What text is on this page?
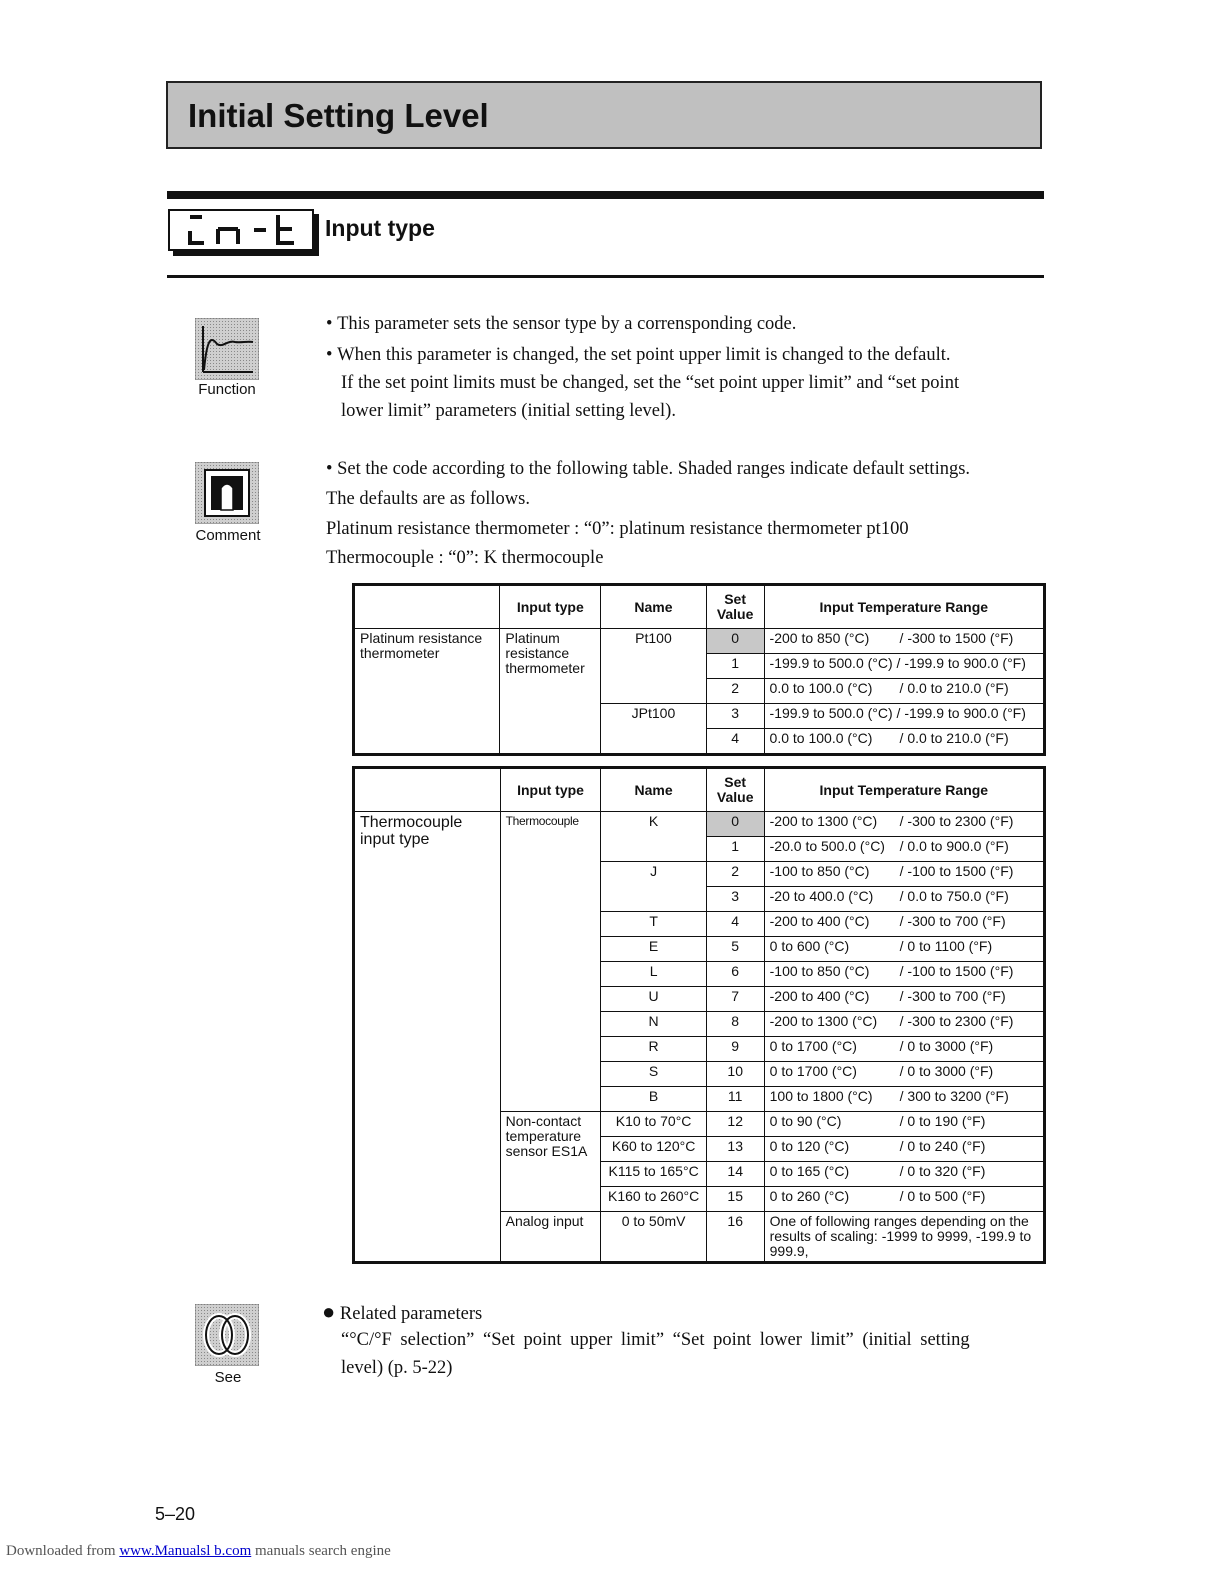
Initial Setting Level
Input type
Function
• This parameter sets the sensor type by a corrensponding code.
• When this parameter is changed, the set point upper limit is changed to the default.
If the set point limits must be changed, set the “set point upper limit” and “set point
lower limit” parameters (initial setting level).
Comment
• Set the code according to the following table. Shaded ranges indicate default settings.
The defaults are as follows.
Platinum resistance thermometer : “0”: platinum resistance thermometer pt100
Thermocouple : “0”: K thermocouple
	Input type	Name	Set Value	Input Temperature Range
Platinum resistance thermometer	Platinum resistance thermometer	Pt100	0	-200 to 850 (°C) / -300 to 1500 (°F)
			1	-199.9 to 500.0 (°C) / -199.9 to 900.0 (°F)
			2	0.0 to 100.0 (°C) / 0.0 to 210.0 (°F)
		JPt100	3	-199.9 to 500.0 (°C) / -199.9 to 900.0 (°F)
			4	0.0 to 100.0 (°C) / 0.0 to 210.0 (°F)
	Input type	Name	Set Value	Input Temperature Range
Thermocouple input type	Thermocouple	K	0	-200 to 1300 (°C) / -300 to 2300 (°F)
			1	-20.0 to 500.0 (°C) / 0.0 to 900.0 (°F)
		J	2	-100 to 850 (°C) / -100 to 1500 (°F)
			3	-20 to 400.0 (°C) / 0.0 to 750.0 (°F)
		T	4	-200 to 400 (°C) / -300 to 700 (°F)
		E	5	0 to 600 (°C) / 0 to 1100 (°F)
		L	6	-100 to 850 (°C) / -100 to 1500 (°F)
		U	7	-200 to 400 (°C) / -300 to 700 (°F)
		N	8	-200 to 1300 (°C) / -300 to 2300 (°F)
		R	9	0 to 1700 (°C) / 0 to 3000 (°F)
		S	10	0 to 1700 (°C) / 0 to 3000 (°F)
		B	11	100 to 1800 (°C) / 300 to 3200 (°F)
	Non-contact temperature sensor ES1A	K10 to 70°C	12	0 to 90 (°C) / 0 to 190 (°F)
		K60 to 120°C	13	0 to 120 (°C) / 0 to 240 (°F)
		K115 to 165°C	14	0 to 165 (°C) / 0 to 320 (°F)
		K160 to 260°C	15	0 to 260 (°C) / 0 to 500 (°F)
	Analog input	0 to 50mV	16	One of following ranges depending on the results of scaling: -1999 to 9999, -199.9 to 999.9,
See
● Related parameters
“°C/°F selection” “Set point upper limit” “Set point lower limit” (initial setting
level) (p. 5-22)
5–20
Downloaded from www.Manualsl b.com manuals search engine
